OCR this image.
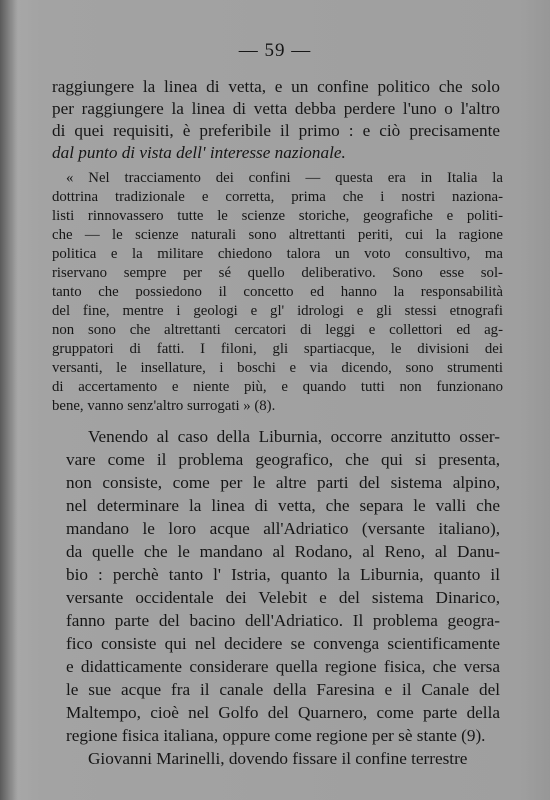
— 59 —
raggiungere la linea di vetta, e un confine politico che solo
per raggiungere la linea di vetta debba perdere l'uno o l'altro
di quei requisiti, è preferibile il primo : e ciò precisamente
dal punto di vista dell' interesse nazionale.
« Nel tracciamento dei confini — questa era in Italia la
dottrina tradizionale e corretta, prima che i nostri naziona-
listi rinnovassero tutte le scienze storiche, geografiche e politi-
che — le scienze naturali sono altrettanti periti, cui la ragione
politica e la militare chiedono talora un voto consultivo, ma
riservano sempre per sé quello deliberativo. Sono esse sol-
tanto che possiedono il concetto ed hanno la responsabilità
del fine, mentre i geologi e gl' idrologi e gli stessi etnografi
non sono che altrettanti cercatori di leggi e collettori ed ag-
gruppatori di fatti. I filoni, gli spartiacque, le divisioni dei
versanti, le insellature, i boschi e via dicendo, sono strumenti
di accertamento e niente più, e quando tutti non funzionano
bene, vanno senz'altro surrogati » (8).
Venendo al caso della Liburnia, occorre anzitutto osser-
vare come il problema geografico, che qui si presenta,
non consiste, come per le altre parti del sistema alpino,
nel determinare la linea di vetta, che separa le valli che
mandano le loro acque all'Adriatico (versante italiano),
da quelle che le mandano al Rodano, al Reno, al Danu-
bio : perchè tanto l' Istria, quanto la Liburnia, quanto il
versante occidentale dei Velebit e del sistema Dinarico,
fanno parte del bacino dell'Adriatico. Il problema geogra-
fico consiste qui nel decidere se convenga scientificamente
e didatticamente considerare quella regione fisica, che versa
le sue acque fra il canale della Faresina e il Canale del
Maltempo, cioè nel Golfo del Quarnero, come parte della
regione fisica italiana, oppure come regione per sè stante (9).
Giovanni Marinelli, dovendo fissare il confine terrestre
